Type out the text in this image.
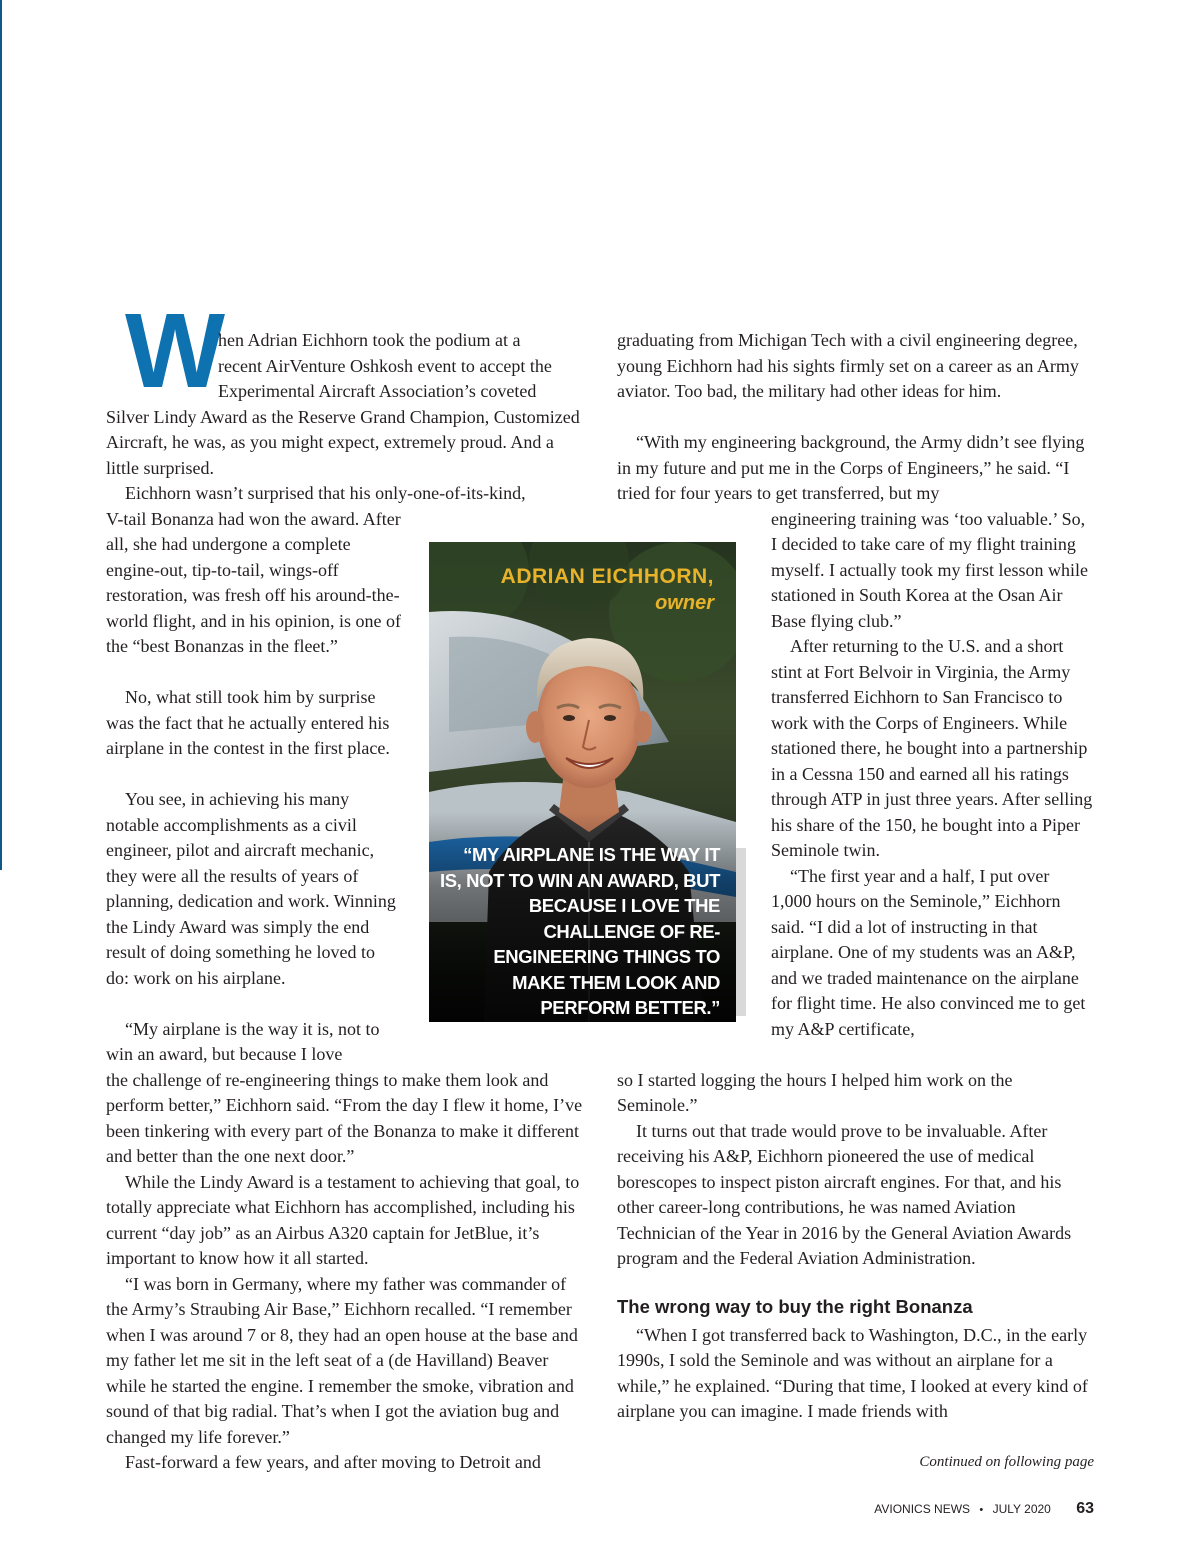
W

hen Adrian Eichhorn took the podium at a

recent AirVenture Oshkosh event to accept the

Experimental Aircraft Association’s coveted

Silver Lindy Award as the Reserve Grand Champion, Customized Aircraft, he was, as you might expect, extremely proud. And a little surprised.

Eichhorn wasn’t surprised that his only-one-of-its-kind,

V-tail Bonanza had won the award. After all, she had undergone a complete engine-out, tip-to-tail, wings-off restoration, was fresh off his around-the-world flight, and in his opinion, is one of the “best Bonanzas in the fleet.”

No, what still took him by surprise was the fact that he actually entered his airplane in the contest in the first place.

You see, in achieving his many notable accomplishments as a civil engineer, pilot and aircraft mechanic, they were all the results of years of planning, dedication and work. Winning the Lindy Award was simply the end result of doing something he loved to do: work on his airplane.

“My airplane is the way it is, not to win an award, but because I love

the challenge of re-engineering things to make them look and perform better,” Eichhorn said. “From the day I flew it home, I’ve been tinkering with every part of the Bonanza to make it different and better than the one next door.”

While the Lindy Award is a testament to achieving that goal, to totally appreciate what Eichhorn has accomplished, including his current “day job” as an Airbus A320 captain for JetBlue, it’s important to know how it all started.

“I was born in Germany, where my father was commander of the Army’s Straubing Air Base,” Eichhorn recalled. “I remember when I was around 7 or 8, they had an open house at the base and my father let me sit in the left seat of a (de Havilland) Beaver while he started the engine. I remember the smoke, vibration and sound of that big radial. That’s when I got the aviation bug and changed my life forever.”

Fast-forward a few years, and after moving to Detroit and

graduating from Michigan Tech with a civil engineering degree, young Eichhorn had his sights firmly set on a career as an Army aviator. Too bad, the military had other ideas for him.

“With my engineering background, the Army didn’t see flying in my future and put me in the Corps of Engineers,” he said. “I tried for four years to get transferred, but my

engineering training was ‘too valuable.’ So, I decided to take care of my flight training myself. I actually took my first lesson while stationed in South Korea at the Osan Air Base flying club.”

After returning to the U.S. and a short stint at Fort Belvoir in Virginia, the Army transferred Eichhorn to San Francisco to work with the Corps of Engineers. While stationed there, he bought into a partnership in a Cessna 150 and earned all his ratings through ATP in just three years. After selling his share of the 150, he bought into a Piper Seminole twin.

“The first year and a half, I put over 1,000 hours on the Seminole,” Eichhorn said. “I did a lot of instructing in that airplane. One of my students was an A&P, and we traded maintenance on the airplane for flight time. He also convinced me to get my A&P certificate,

so I started logging the hours I helped him work on the Seminole.”

It turns out that trade would prove to be invaluable. After receiving his A&P, Eichhorn pioneered the use of medical borescopes to inspect piston aircraft engines. For that, and his other career-long contributions, he was named Aviation Technician of the Year in 2016 by the General Aviation Awards program and the Federal Aviation Administration.

“When I got transferred back to Washington, D.C., in the early 1990s, I sold the Seminole and was without an airplane for a while,” he explained. “During that time, I looked at every kind of airplane you can imagine. I made friends with

The wrong way to buy the right Bonanza
ADRIAN EICHHORN,
owner
“MY AIRPLANE IS THE WAY IT IS, NOT TO WIN AN AWARD, BUT BECAUSE I LOVE THE CHALLENGE OF RE-ENGINEERING THINGS TO MAKE THEM LOOK AND PERFORM BETTER.”

Continued on following page

AVIONICS NEWS • JULY 2020 63
